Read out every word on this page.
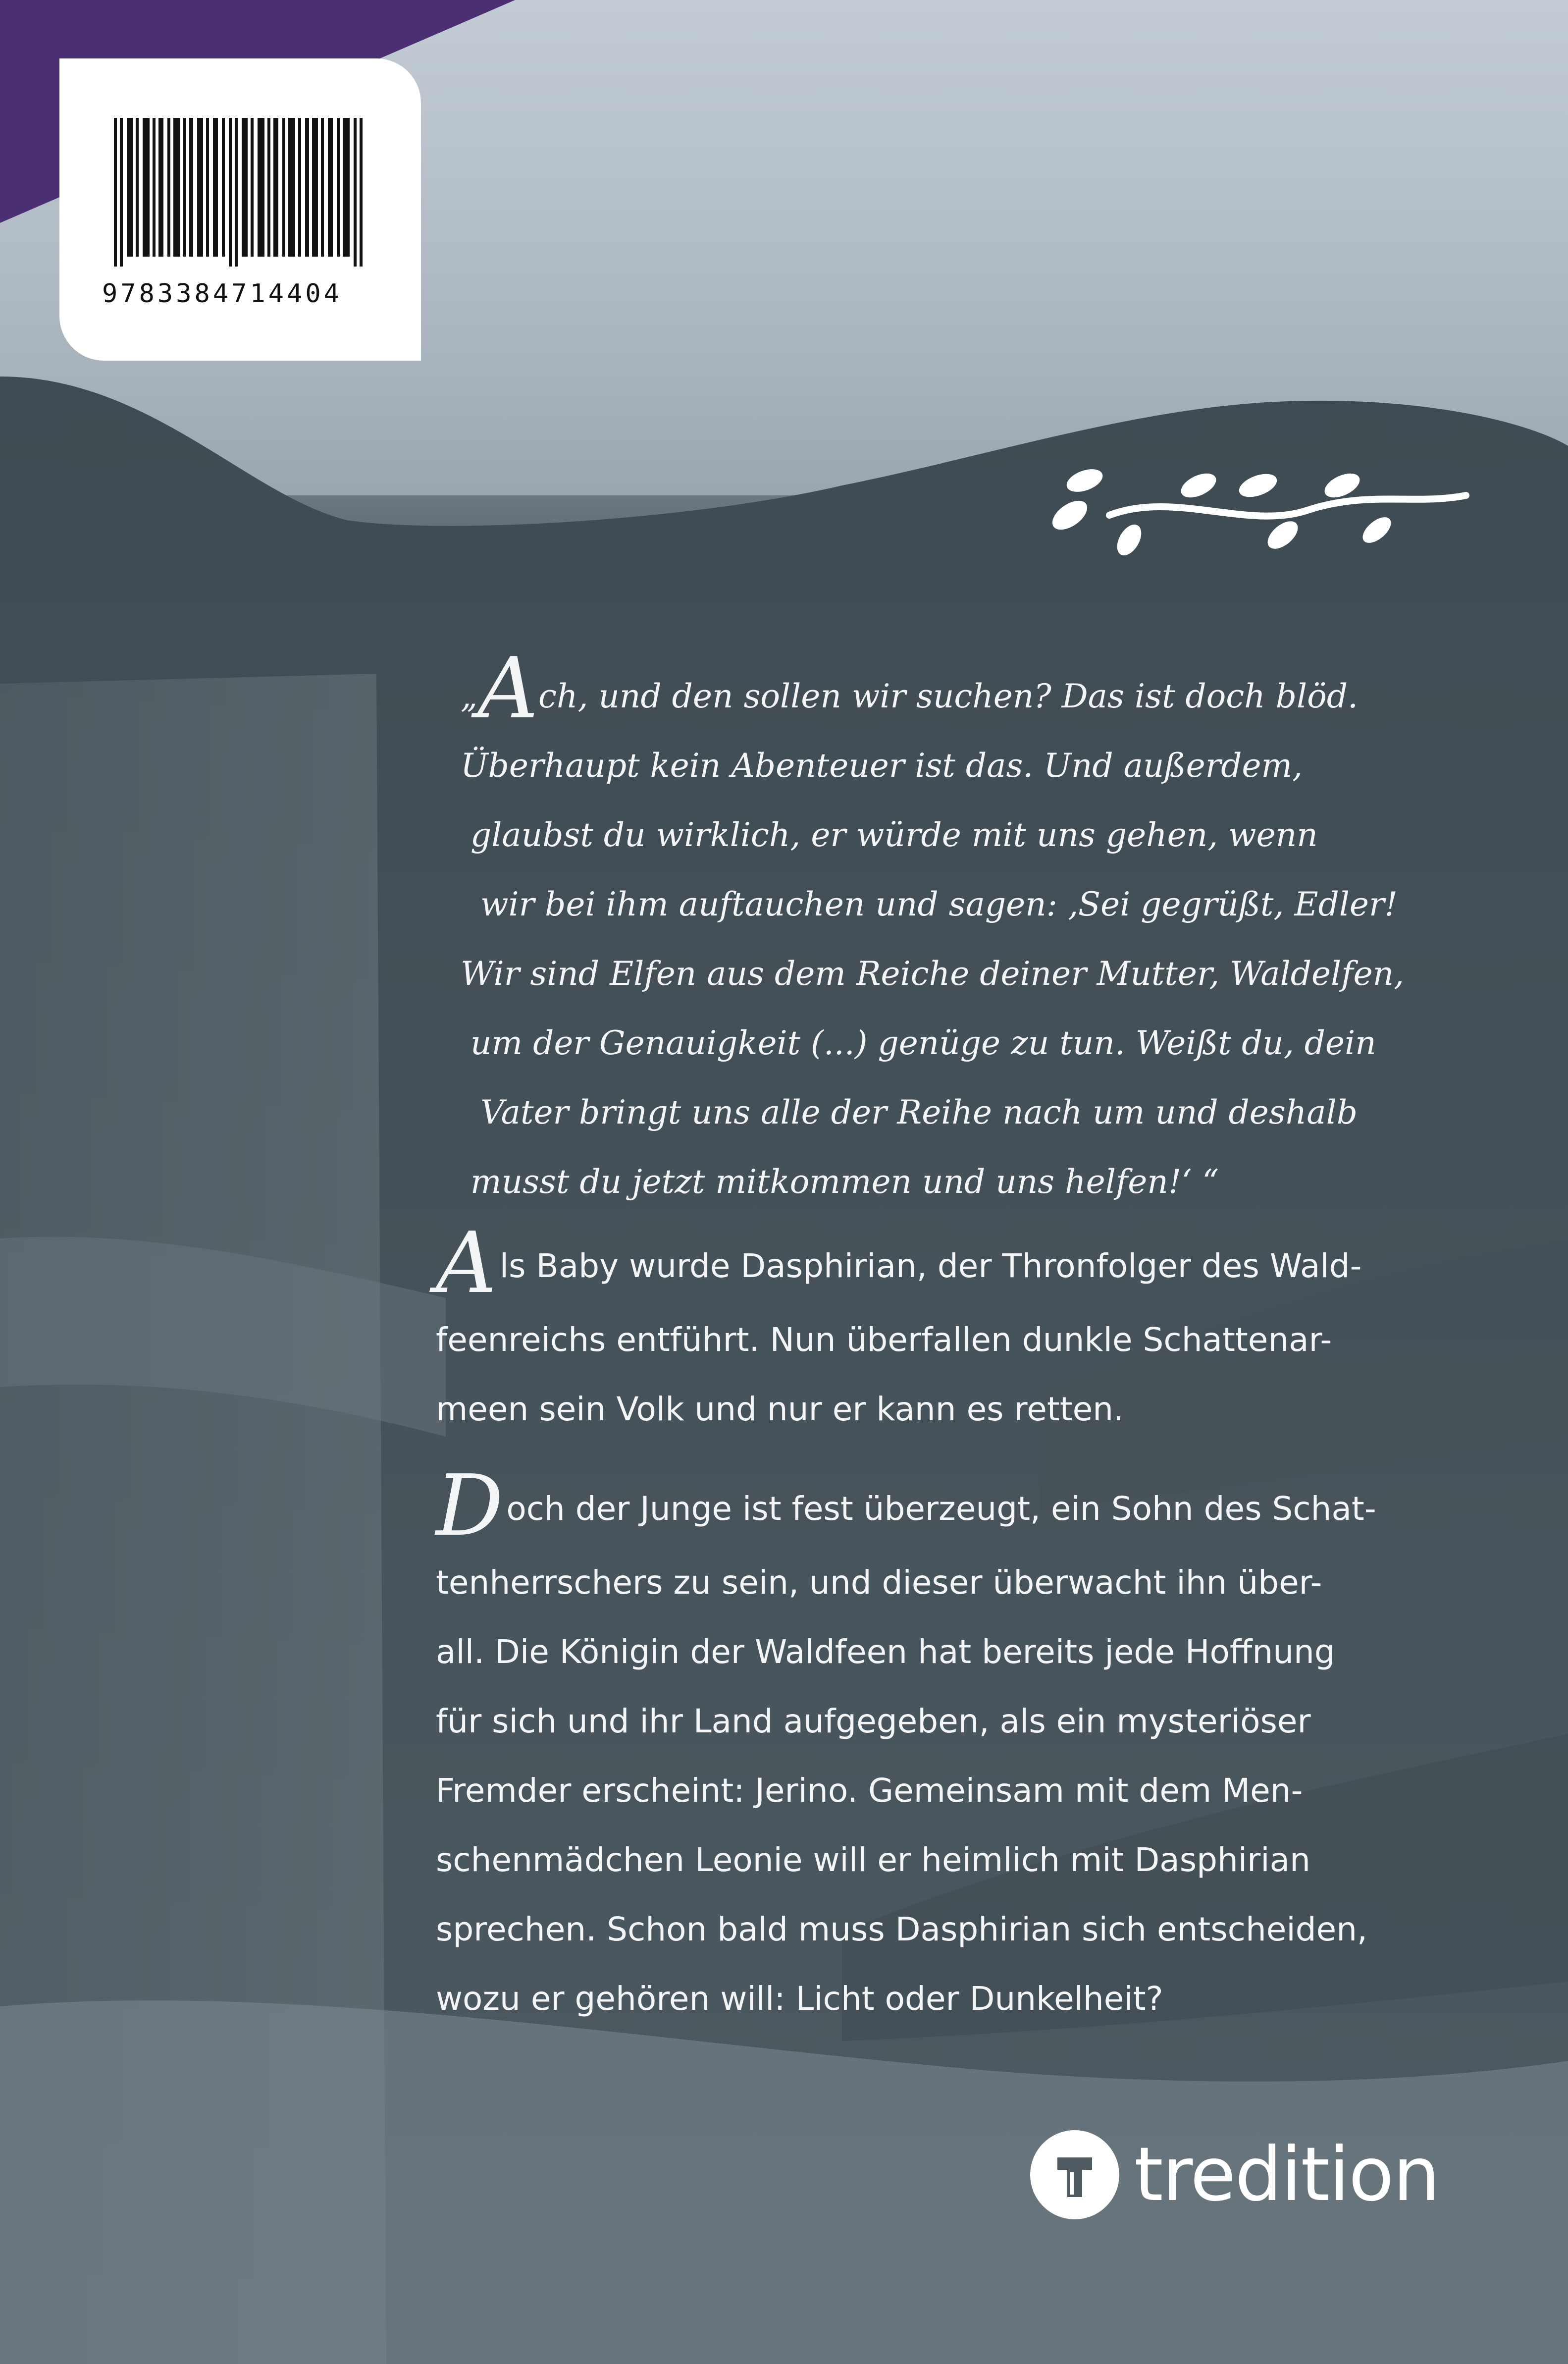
9783384714404
„Ach, und den sollen wir suchen? Das ist doch blöd.
Überhaupt kein Abenteuer ist das. Und außerdem,
glaubst du wirklich, er würde mit uns gehen, wenn
wir bei ihm auftauchen und sagen: ‚Sei gegrüßt, Edler!
Wir sind Elfen aus dem Reiche deiner Mutter, Waldelfen,
um der Genauigkeit (...) genüge zu tun. Weißt du, dein
Vater bringt uns alle der Reihe nach um und deshalb
musst du jetzt mitkommen und uns helfen!‘ “
Als Baby wurde Dasphirian, der Thronfolger des Wald-
feenreichs entführt. Nun überfallen dunkle Schattenar-
meen sein Volk und nur er kann es retten.
Doch der Junge ist fest überzeugt, ein Sohn des Schat-
tenherrschers zu sein, und dieser überwacht ihn über-
all. Die Königin der Waldfeen hat bereits jede Hoffnung
für sich und ihr Land aufgegeben, als ein mysteriöser
Fremder erscheint: Jerino. Gemeinsam mit dem Men-
schenmädchen Leonie will er heimlich mit Dasphirian
sprechen. Schon bald muss Dasphirian sich entscheiden,
wozu er gehören will: Licht oder Dunkelheit?
tredition
